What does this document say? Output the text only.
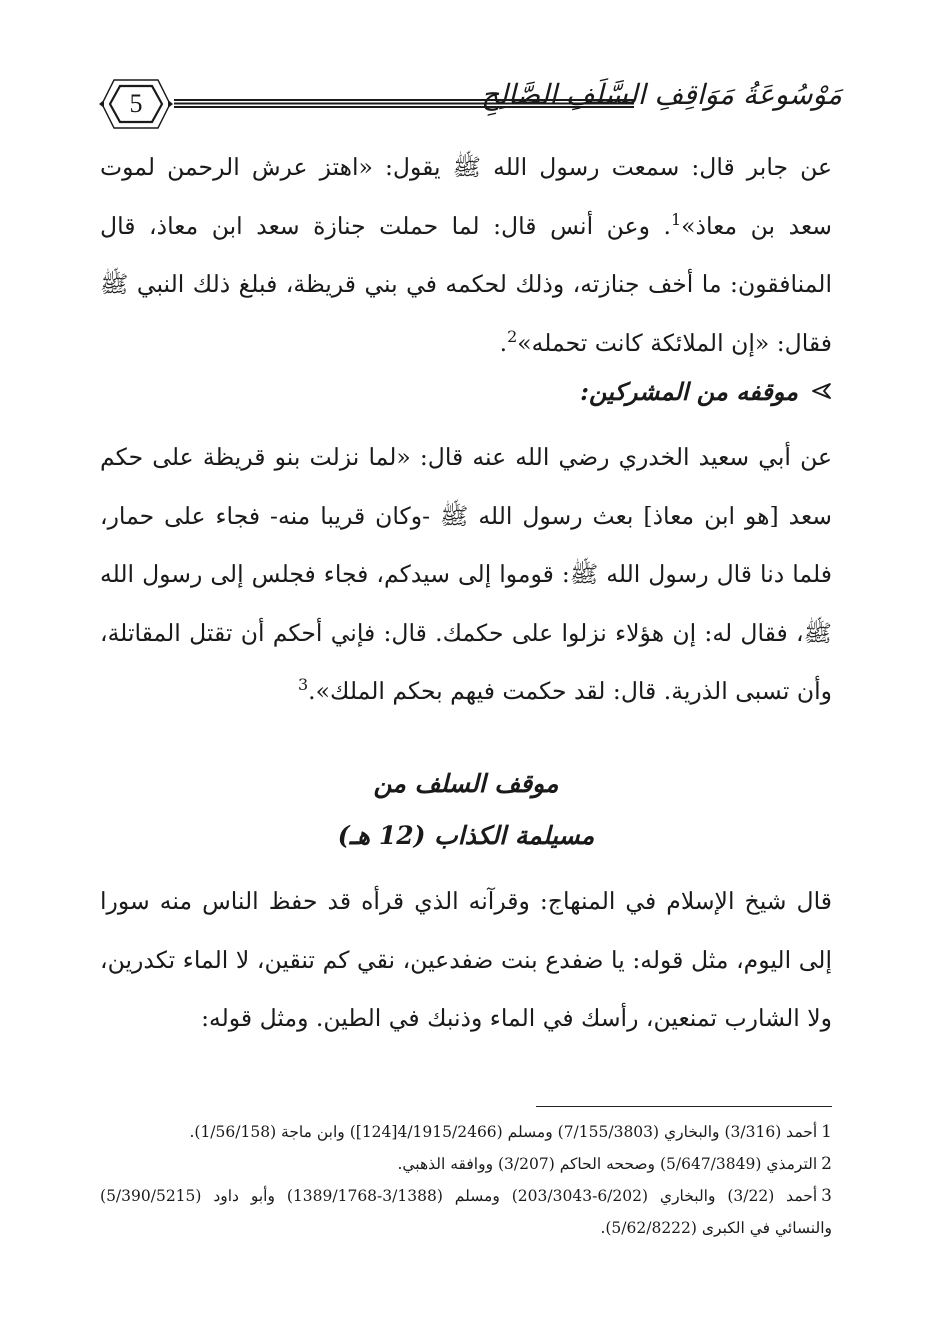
5	مَوْسُوعَةُ مَوَاقِفِ السَّلَفِ الصَّالِحِ

عن جابر قال: سمعت رسول الله ﷺ يقول: «اهتز عرش الرحمن لموت سعد بن معاذ»$^1$. وعن أنس قال: لما حملت جنازة سعد ابن معاذ، قال المنافقون: ما أخف جنازته، وذلك لحكمه في بني قريظة، فبلغ ذلك النبي ﷺ فقال: «إن الملائكة كانت تحمله»$^2$.

موقفه من المشركين:

عن أبي سعيد الخدري رضي الله عنه قال: «لما نزلت بنو قريظة على حكم سعد [هو ابن معاذ] بعث رسول الله ﷺ -وكان قريبا منه- فجاء على حمار، فلما دنا قال رسول الله ﷺ: قوموا إلى سيدكم، فجاء فجلس إلى رسول الله ﷺ، فقال له: إن هؤلاء نزلوا على حكمك. قال: فإني أحكم أن تقتل المقاتلة، وأن تسبى الذرية. قال: لقد حكمت فيهم بحكم الملك».$^3$

موقف السلف من
مسيلمة الكذاب (12 هـ)

قال شيخ الإسلام في المنهاج: وقرآنه الذي قرأه قد حفظ الناس منه سورا إلى اليوم، مثل قوله: يا ضفدع بنت ضفدعين، نقي كم تنقين، لا الماء تكدرين، ولا الشارب تمنعين، رأسك في الماء وذنبك في الطين. ومثل قوله:

1أحمد (3/316) والبخاري (7/155/3803) ومسلم (4/1915/2466[124]) وابن ماجة (1/56/158).

2الترمذي (5/647/3849) وصححه الحاكم (3/207) ووافقه الذهبي.

3أحمد (3/22) والبخاري (6/202-203/3043) ومسلم (3/1388-1389/1768) وأبو داود (5/390/5215) والنسائي في الكبرى (5/62/8222).
